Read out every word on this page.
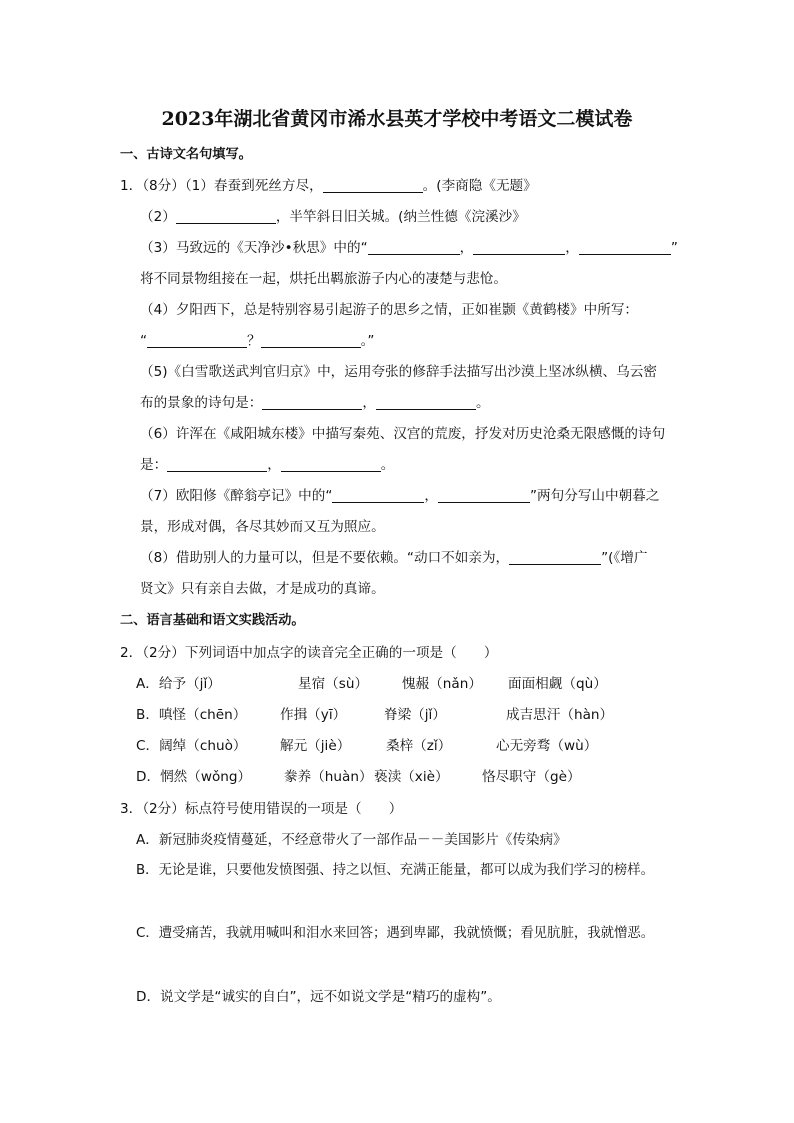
2023年湖北省黄冈市浠水县英才学校中考语文二模试卷
一、古诗文名句填写。
1．（8分）（1）春蚕到死丝方尽，	。(李商隐《无题》
（2）	，半竿斜日旧关城。(纳兰性德《浣溪沙》
（3）马致远的《天净沙•秋思》中的“	，	，	”
将不同景物组接在一起，烘托出羁旅游子内心的凄楚与悲怆。
（4）夕阳西下，总是特别容易引起游子的思乡之情，正如崔颢《黄鹤楼》中所写：
“	？	。”
（5)《白雪歌送武判官归京》中，运用夸张的修辞手法描写出沙漠上坚冰纵横、乌云密
布的景象的诗句是：	，	。
（6）许浑在《咸阳城东楼》中描写秦苑、汉宫的荒废，抒发对历史沧桑无限感慨的诗句
是：	，	。
（7）欧阳修《醉翁亭记》中的“	，	”两句分写山中朝暮之
景，形成对偶，各尽其妙而又互为照应。
（8）借助别人的力量可以，但是不要依赖。“动口不如亲为，	”(《增广
贤文》只有亲自去做，才是成功的真谛。
二、语言基础和语文实践活动。
2．（2分）下列词语中加点字的读音完全正确的一项是（　　）
A．给予（jǐ）	星宿（sù） 愧赧（nǎn） 面面相觑（qù）
B．嗔怪（chēn） 作揖（yī）	脊梁（jǐ）	成吉思汗（hàn）
C．阔绰（chuò） 解元（jiè）	桑梓（zǐ）	心无旁骛（wù）
D．惘然（wǒng） 豢养（huàn） 亵渎（xiè） 恪尽职守（gè）
3．（2分）标点符号使用错误的一项是（　　）
A．新冠肺炎疫情蔓延，不经意带火了一部作品－－美国影片《传染病》
B．无论是谁，只要他发愤图强、持之以恒、充满正能量，都可以成为我们学习的榜样。
C．遭受痛苦，我就用喊叫和泪水来回答；遇到卑鄙，我就愤慨；看见肮脏，我就憎恶。
D．说文学是“诚实的自白”，远不如说文学是“精巧的虚构”。
